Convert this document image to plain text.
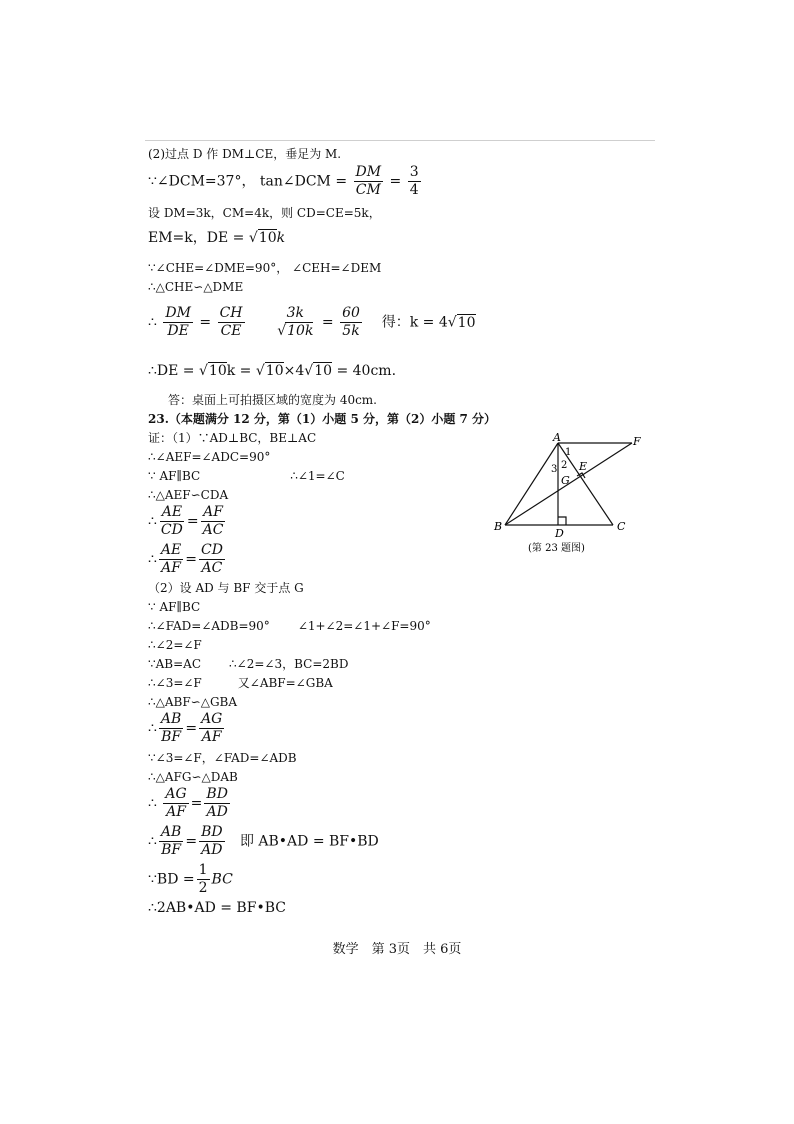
(2)过点 D 作 DM⊥CE，垂足为 M.
∵∠DCM=37°， tan∠DCM = $\frac{DM}{CM} = \frac{3}{4}$
设 DM=3k，CM=4k，则 CD=CE=5k，
EM=k，DE = √10k
∵∠CHE=∠DME=90°， ∠CEH=∠DEM
∴△CHE∽△DME
∴ $\frac{DM}{DE} = \frac{CH}{CE}$
$\frac{3k}{√10k} = \frac{60}{5k}$ 得：k = 4√10
∴DE = √10k = √10×4√10 = 40cm.
答：桌面上可拍摄区域的宽度为 40cm.
23.（本题满分 12 分，第（1）小题 5 分，第（2）小题 7 分）
证：（1）∵AD⊥BC，BE⊥AC
∴∠AEF=∠ADC=90°
∵ AF∥BC	∴∠1=∠C
∴△AEF∽CDA
∴ $\frac{AE}{CD} = \frac{AF}{AC}$
∴ $\frac{AE}{AF} = \frac{CD}{AC}$
（2）设 AD 与 BF 交于点 G
∵ AF∥BC
∴∠FAD=∠ADB=90° ∠1+∠2=∠1+∠F=90°
∴∠2=∠F
∵AB=AC ∴∠2=∠3，BC=2BD
∴∠3=∠F	又∠ABF=∠GBA
∴△ABF∽△GBA
∴ $\frac{AB}{BF} = \frac{AG}{AF}$
∵∠3=∠F，∠FAD=∠ADB
∴△AFG∽△DAB
∴ $\frac{AG}{AF} = \frac{BD}{AD}$
∴ $\frac{AB}{BF} = \frac{BD}{AD}$ 即 AB•AD = BF•BD
∵BD = $\frac{1}{2}$ BC
∴2AB•AD = BF•BC
A	F
B	C
D
E
G
1
2
3
(第 23 题图)
数学　第 3页　共 6页
